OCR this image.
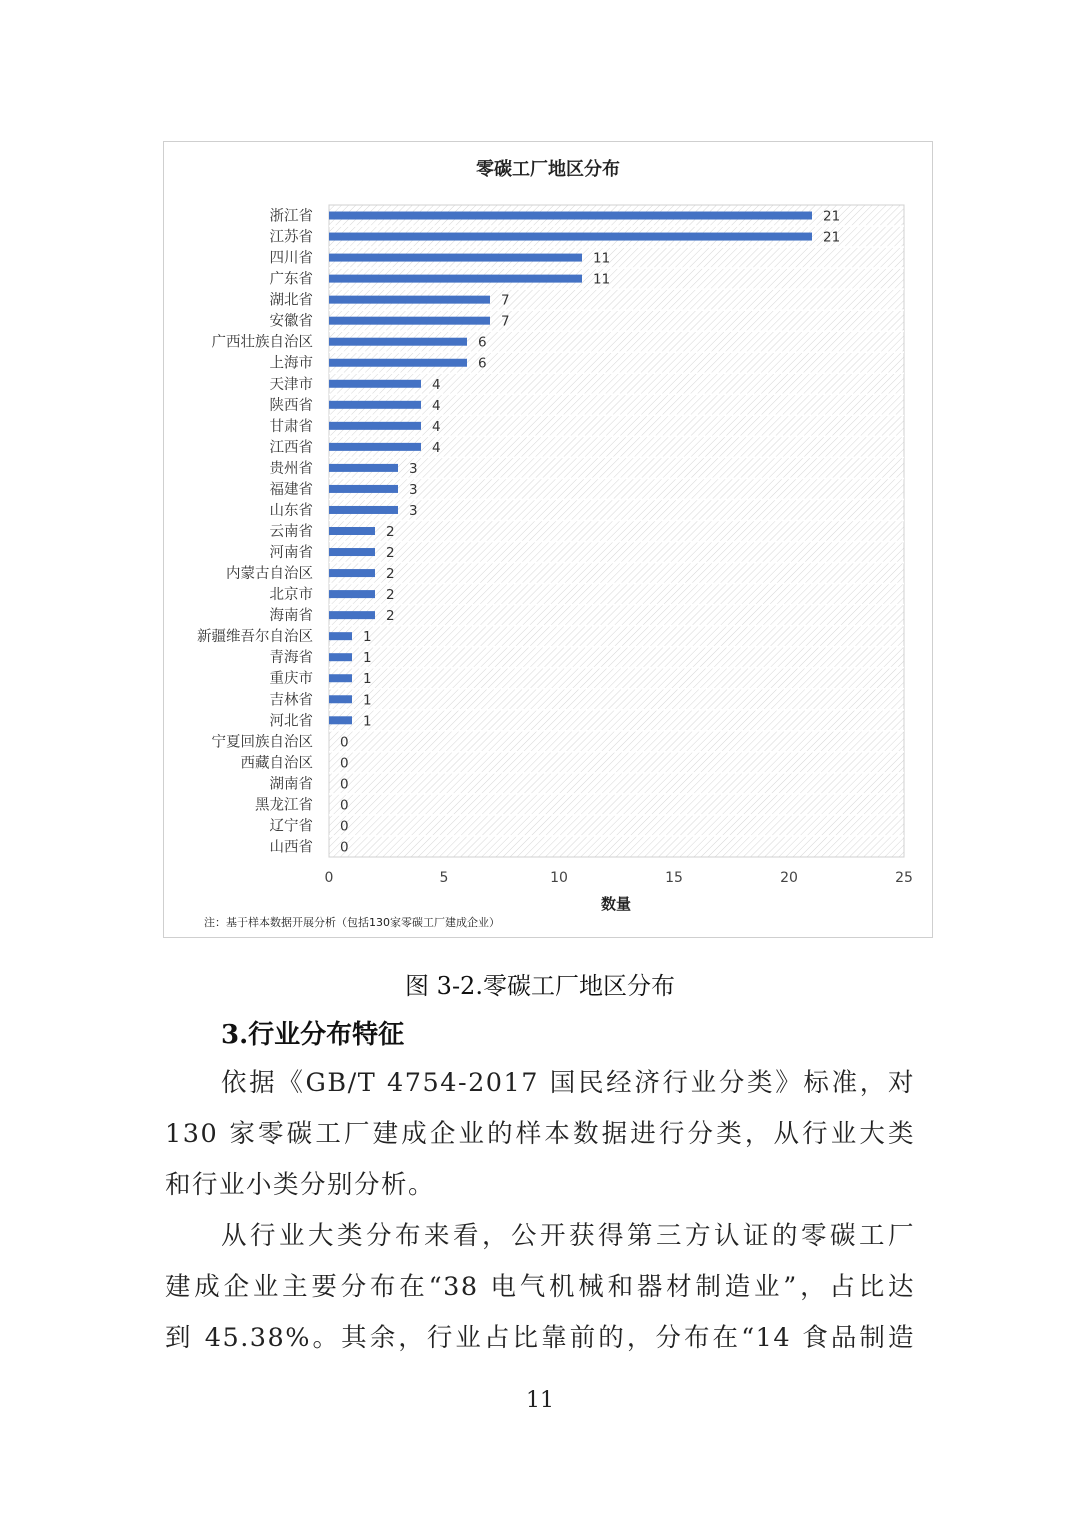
零碳工厂地区分布
浙江省
江苏省
四川省
广东省
湖北省
安徽省
广西壮族自治区
上海市
天津市
陕西省
甘肃省
江西省
贵州省
福建省
山东省
云南省
河南省
内蒙古自治区
北京市
海南省
新疆维吾尔自治区
青海省
重庆市
吉林省
河北省
宁夏回族自治区
西藏自治区
湖南省
黑龙江省
辽宁省
山西省
21
21
11
11
7
7
6
6
4
4
4
4
3
3
3
2
2
2
2
2
1
1
1
1
1
0
0
0
0
0
0
0	5	10	15	20	25
数量
注：基于样本数据开展分析（包括130家零碳工厂建成企业）
图 3-2.零碳工厂地区分布
3.行业分布特征
依据《GB/T 4754-2017 国民经济行业分类》标准，对
130 家零碳工厂建成企业的样本数据进行分类，从行业大类
和行业小类分别分析。
从行业大类分布来看，公开获得第三方认证的零碳工厂
建成企业主要分布在“38 电气机械和器材制造业”，占比达
到 45.38%。其余，行业占比靠前的，分布在“14 食品制造
11
